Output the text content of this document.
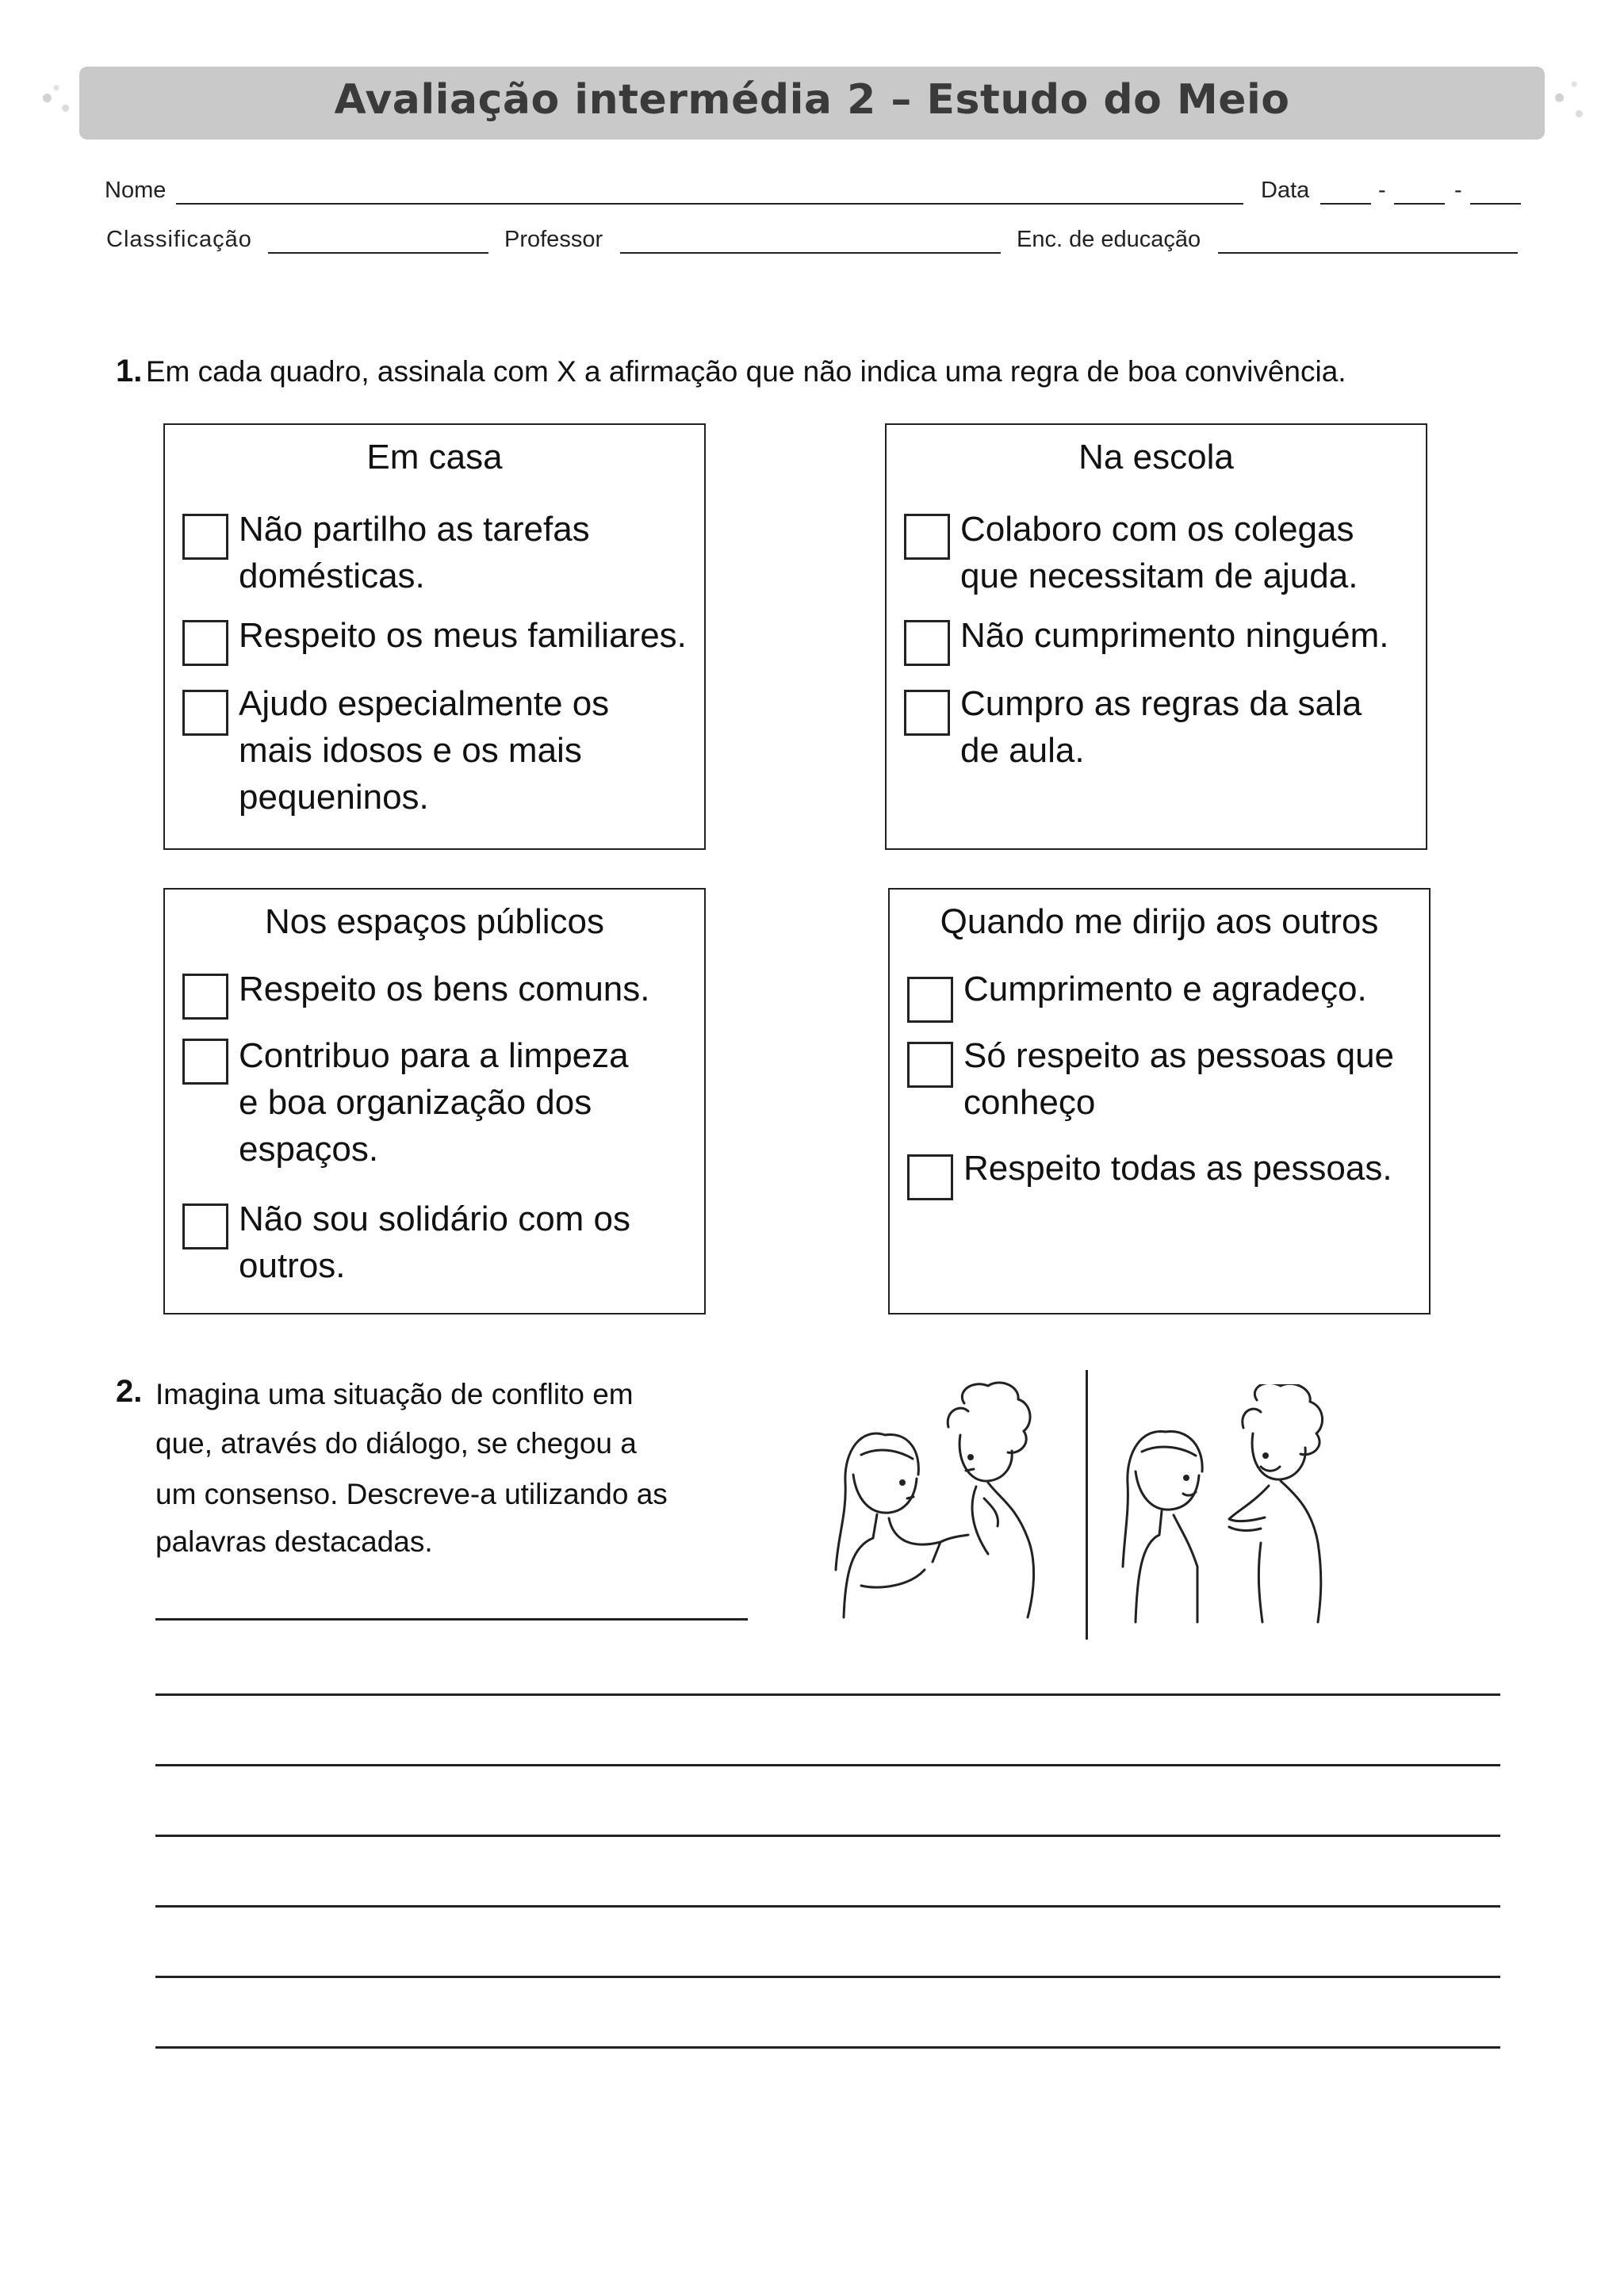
Avaliação intermédia 2 – Estudo do Meio
Nome	Data	-	-
Classificação	Professor	Enc. de educação
1. Em cada quadro, assinala com X a afirmação que não indica uma regra de boa convivência.
Em casa
Não partilho as tarefas
domésticas.
Respeito os meus familiares.
Ajudo especialmente os
mais idosos e os mais
pequeninos.
Na escola
Colaboro com os colegas
que necessitam de ajuda.
Não cumprimento ninguém.
Cumpro as regras da sala
de aula.
Nos espaços públicos
Respeito os bens comuns.
Contribuo para a limpeza
e boa organização dos
espaços.
Não sou solidário com os
outros.
Quando me dirijo aos outros
Cumprimento e agradeço.
Só respeito as pessoas que
conheço
Respeito todas as pessoas.
2. Imagina uma situação de conflito em
que, através do diálogo, se chegou a
um consenso. Descreve-a utilizando as
palavras destacadas.
